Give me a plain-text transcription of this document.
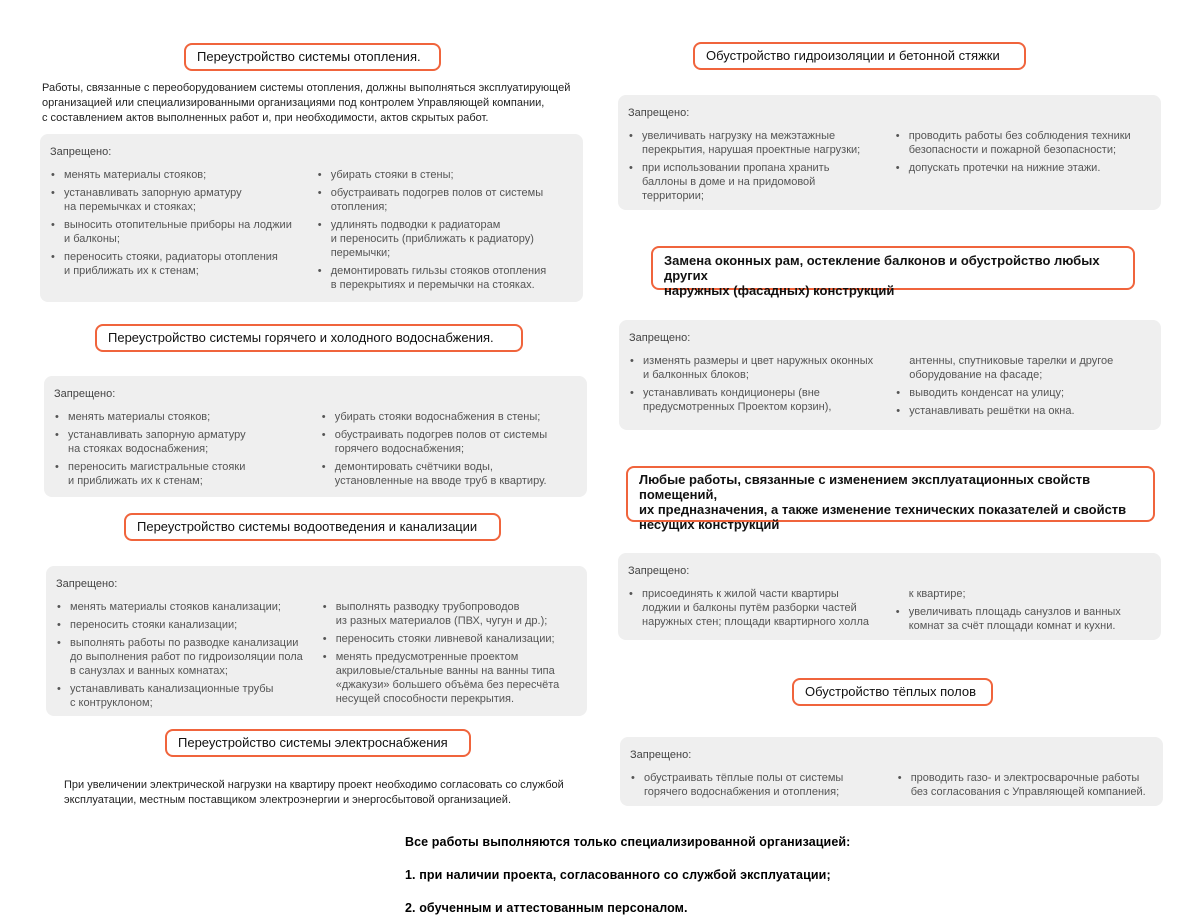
Переустройство системы отопления.
Работы, связанные с переоборудованием системы отопления, должны выполняться эксплуатирующей
организацией или специализированными организациями под контролем Управляющей компании,
с составлением актов выполненных работ и, при необходимости, актов скрытых работ.
Запрещено:
• менять материалы стояков;
• устанавливать запорную арматуру
на перемычках и стояках;
• выносить отопительные приборы на лоджии
и балконы;
• переносить стояки, радиаторы отопления
и приближать их к стенам;
• убирать стояки в стены;
• обустраивать подогрев полов от системы
отопления;
• удлинять подводки к радиаторам
и переносить (приближать к радиатору)
перемычки;
• демонтировать гильзы стояков отопления
в перекрытиях и перемычки на стояках.
Переустройство системы горячего и холодного водоснабжения.
Запрещено:
• менять материалы стояков;
• устанавливать запорную арматуру
на стояках водоснабжения;
• переносить магистральные стояки
и приближать их к стенам;
• убирать стояки водоснабжения в стены;
• обустраивать подогрев полов от системы
горячего водоснабжения;
• демонтировать счётчики воды,
установленные на вводе труб в квартиру.
Переустройство системы водоотведения и канализации
Запрещено:
• менять материалы стояков канализации;
• переносить стояки канализации;
• выполнять работы по разводке канализации
до выполнения работ по гидроизоляции пола
в санузлах и ванных комнатах;
• устанавливать канализационные трубы
с контруклоном;
• выполнять разводку трубопроводов
из разных материалов (ПВХ, чугун и др.);
• переносить стояки ливневой канализации;
• менять предусмотренные проектом
акриловые/стальные ванны на ванны типа
«джакузи» большего объёма без пересчёта
несущей способности перекрытия.
Переустройство системы электроснабжения
При увеличении электрической нагрузки на квартиру проект необходимо согласовать со службой
эксплуатации, местным поставщиком электроэнергии и энергосбытовой организацией.
Обустройство гидроизоляции и бетонной стяжки
Запрещено:
• увеличивать нагрузку на межэтажные
перекрытия, нарушая проектные нагрузки;
• при использовании пропана хранить
баллоны в доме и на придомовой
территории;
• проводить работы без соблюдения техники
безопасности и пожарной безопасности;
• допускать протечки на нижние этажи.
Замена оконных рам, остекление балконов и обустройство любых других
наружных (фасадных) конструкций
Запрещено:
• изменять размеры и цвет наружных оконных
и балконных блоков;
• устанавливать кондиционеры (вне
предусмотренных Проектом корзин),
антенны, спутниковые тарелки и другое
оборудование на фасаде;
• выводить конденсат на улицу;
• устанавливать решётки на окна.
Любые работы, связанные с изменением эксплуатационных свойств помещений,
их предназначения, а также изменение технических показателей и свойств
несущих конструкций
Запрещено:
• присоединять к жилой части квартиры
лоджии и балконы путём разборки частей
наружных стен; площади квартирного холла
к квартире;
• увеличивать площадь санузлов и ванных
комнат за счёт площади комнат и кухни.
Обустройство тёплых полов
Запрещено:
• обустраивать тёплые полы от системы
горячего водоснабжения и отопления;
• проводить газо- и электросварочные работы
без согласования с Управляющей компанией.
Все работы выполняются только специализированной организацией:
1. при наличии проекта, согласованного со службой эксплуатации;
2. обученным и аттестованным персоналом.
